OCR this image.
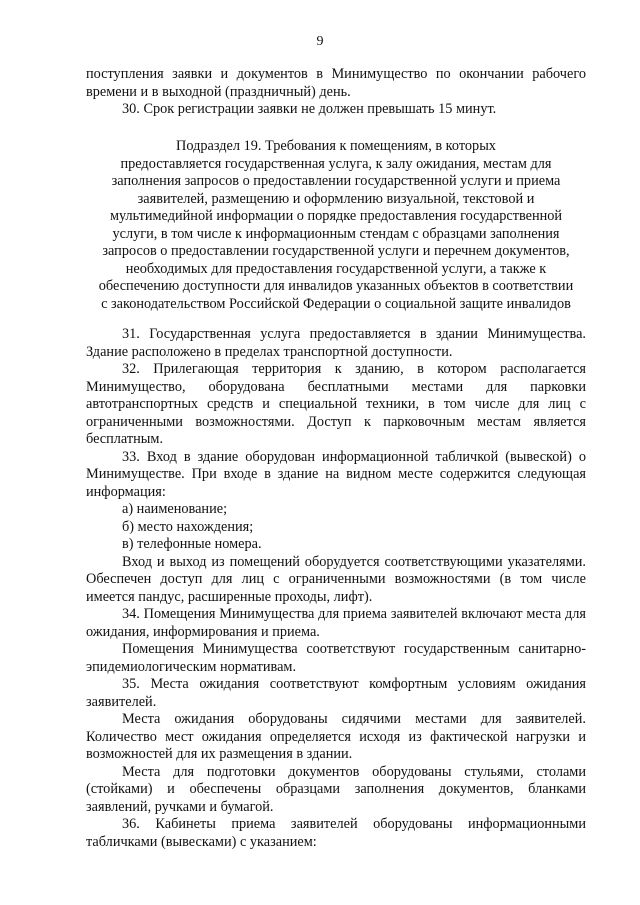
9

поступления заявки и документов в Минимущество по окончании рабочего времени и в выходной (праздничный) день.

30. Срок регистрации заявки не должен превышать 15 минут.

Подраздел 19. Требования к помещениям, в которых

предоставляется государственная услуга, к залу ожидания, местам для

заполнения запросов о предоставлении государственной услуги и приема

заявителей, размещению и оформлению визуальной, текстовой и

мультимедийной информации о порядке предоставления государственной

услуги, в том числе к информационным стендам с образцами заполнения

запросов о предоставлении государственной услуги и перечнем документов,

необходимых для предоставления государственной услуги, а также к

обеспечению доступности для инвалидов указанных объектов в соответствии

с законодательством Российской Федерации о социальной защите инвалидов

31. Государственная услуга предоставляется в здании Минимущества. Здание расположено в пределах транспортной доступности.

32. Прилегающая территория к зданию, в котором располагается Минимущество, оборудована бесплатными местами для парковки автотранспортных средств и специальной техники, в том числе для лиц с ограниченными возможностями. Доступ к парковочным местам является бесплатным.

33. Вход в здание оборудован информационной табличкой (вывеской) о Минимуществе. При входе в здание на видном месте содержится следующая информация:

а) наименование;

б) место нахождения;

в) телефонные номера.

Вход и выход из помещений оборудуется соответствующими указателями. Обеспечен доступ для лиц с ограниченными возможностями (в том числе имеется пандус, расширенные проходы, лифт).

34. Помещения Минимущества для приема заявителей включают места для ожидания, информирования и приема.

Помещения Минимущества соответствуют государственным санитарно-эпидемиологическим нормативам.

35. Места ожидания соответствуют комфортным условиям ожидания заявителей.

Места ожидания оборудованы сидячими местами для заявителей. Количество мест ожидания определяется исходя из фактической нагрузки и возможностей для их размещения в здании.

Места для подготовки документов оборудованы стульями, столами (стойками) и обеспечены образцами заполнения документов, бланками заявлений, ручками и бумагой.

36. Кабинеты приема заявителей оборудованы информационными табличками (вывесками) с указанием:
